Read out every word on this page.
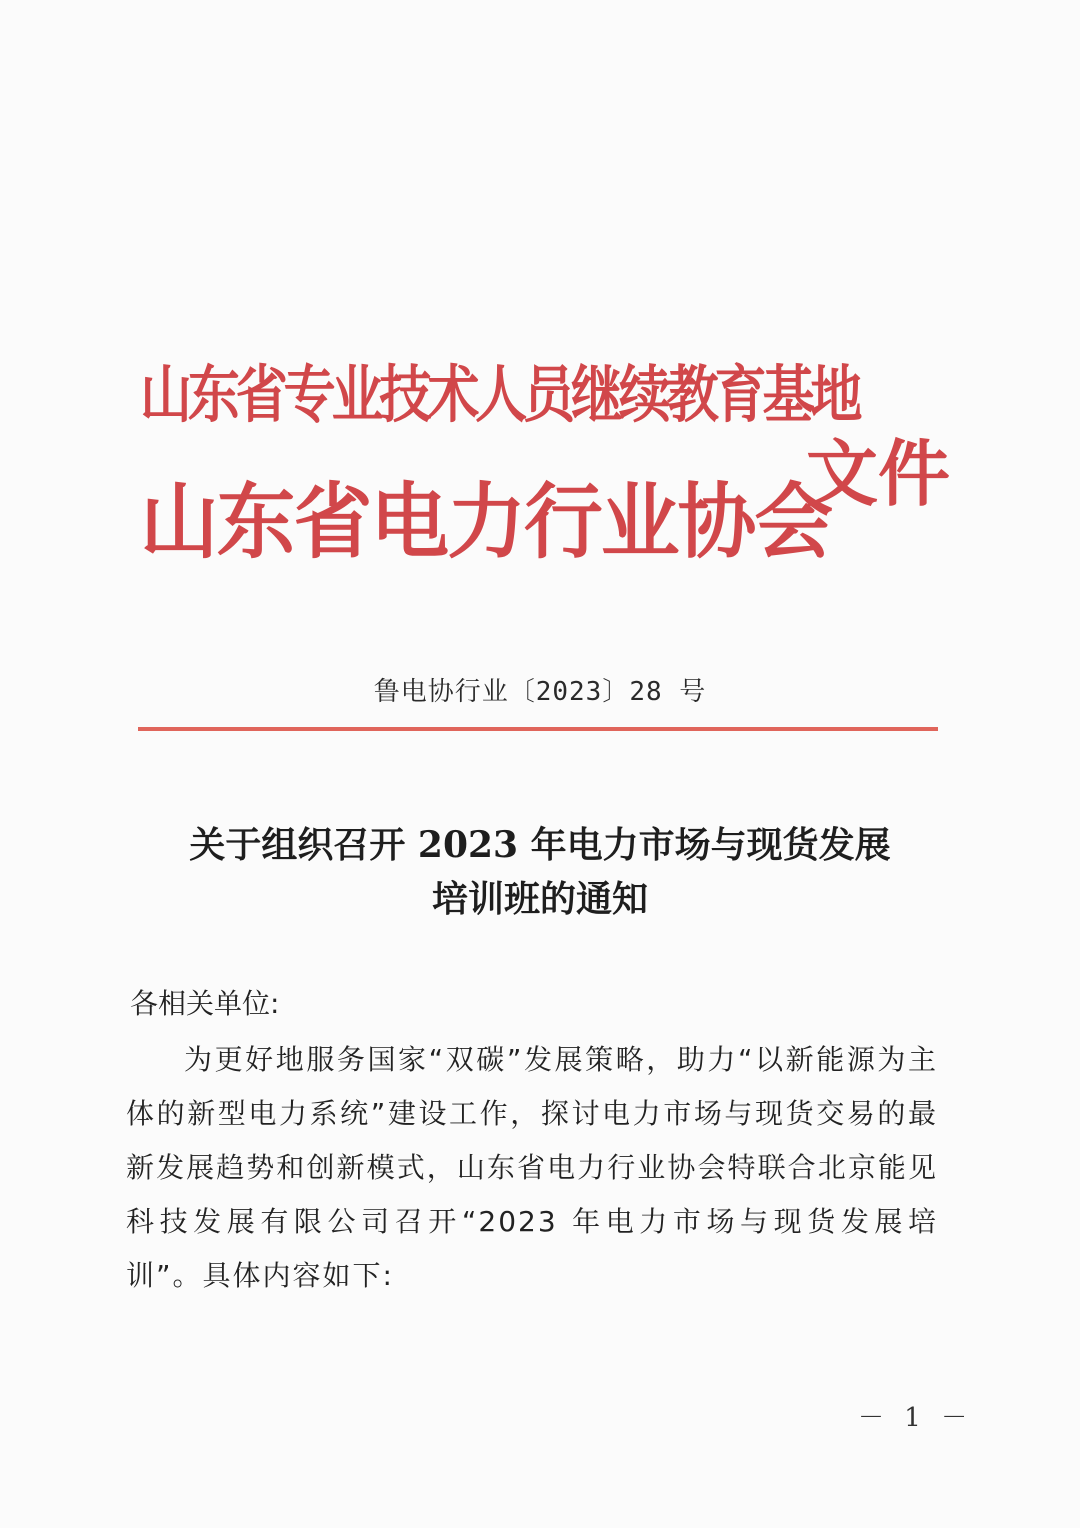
山东省专业技术人员继续教育基地
山东省电力行业协会
文件
鲁电协行业〔2023〕28 号
关于组织召开 2023 年电力市场与现货发展
培训班的通知
各相关单位:
为更好地服务国家“双碳”发展策略，助力“以新能源为主体的新型电力系统”建设工作，探讨电力市场与现货交易的最新发展趋势和创新模式，山东省电力行业协会特联合北京能见科技发展有限公司召开“2023 年电力市场与现货发展培训”。具体内容如下:
－ 1 －
